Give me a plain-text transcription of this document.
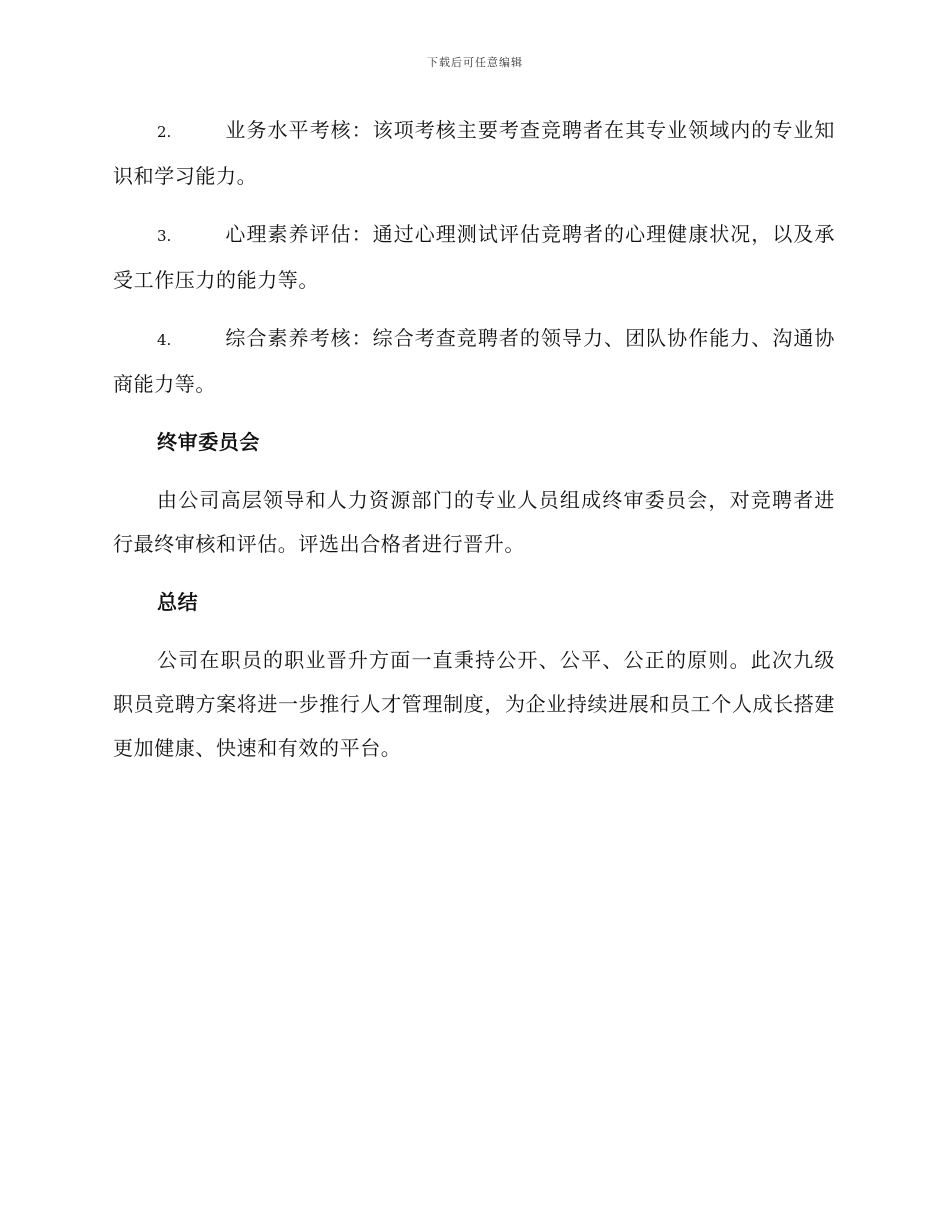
下载后可任意编辑

2.	业务水平考核：该项考核主要考查竞聘者在其专业领域内的专业知识和学习能力。

3.	心理素养评估：通过心理测试评估竞聘者的心理健康状况，以及承受工作压力的能力等。

4.	综合素养考核：综合考查竞聘者的领导力、团队协作能力、沟通协商能力等。

终审委员会

由公司高层领导和人力资源部门的专业人员组成终审委员会，对竞聘者进行最终审核和评估。评选出合格者进行晋升。

总结

公司在职员的职业晋升方面一直秉持公开、公平、公正的原则。此次九级职员竞聘方案将进一步推行人才管理制度，为企业持续进展和员工个人成长搭建更加健康、快速和有效的平台。
